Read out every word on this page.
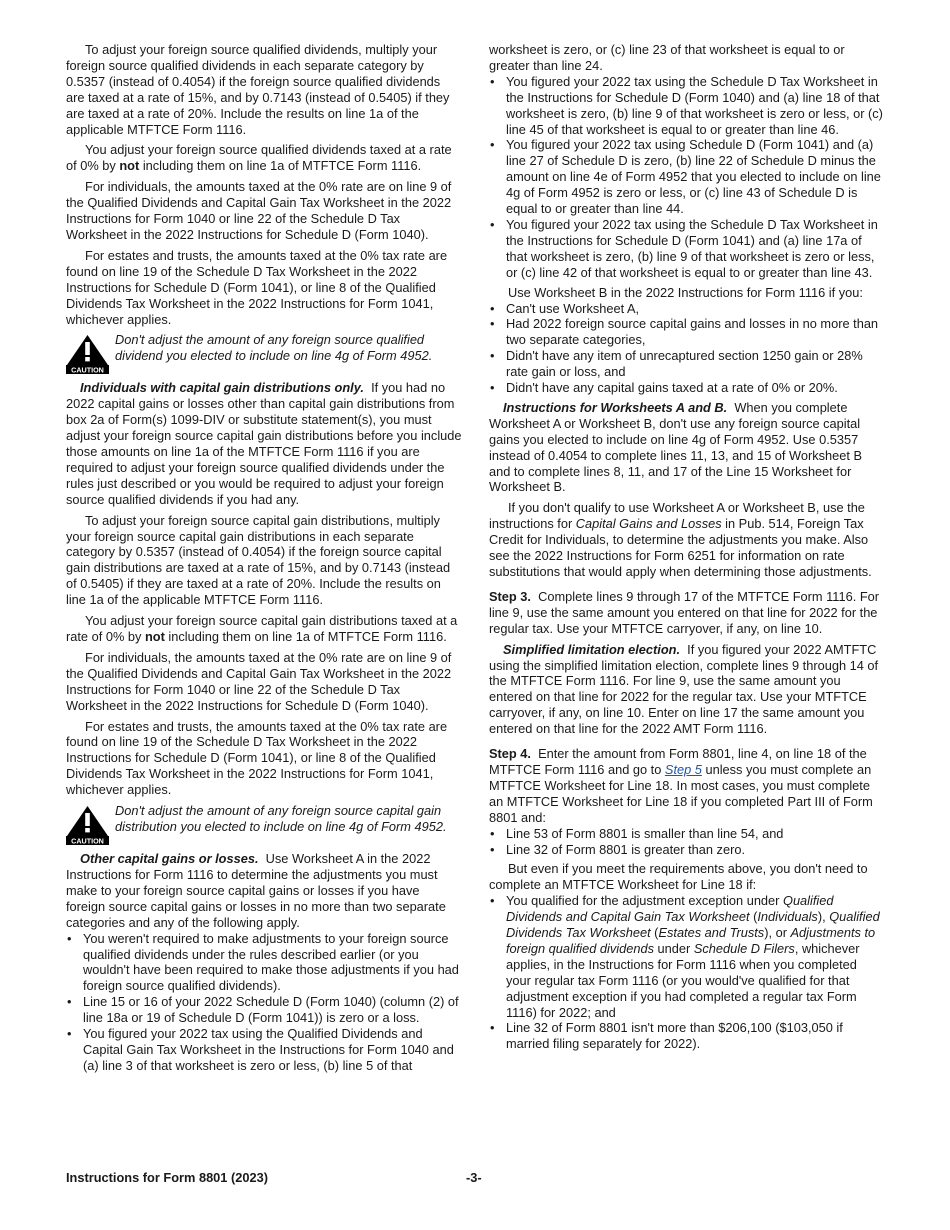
To adjust your foreign source qualified dividends, multiply your foreign source qualified dividends in each separate category by 0.5357 (instead of 0.4054) if the foreign source qualified dividends are taxed at a rate of 15%, and by 0.7143 (instead of 0.5405) if they are taxed at a rate of 20%. Include the results on line 1a of the applicable MTFTCE Form 1116.

You adjust your foreign source qualified dividends taxed at a rate of 0% by not including them on line 1a of MTFTCE Form 1116.

For individuals, the amounts taxed at the 0% rate are on line 9 of the Qualified Dividends and Capital Gain Tax Worksheet in the 2022 Instructions for Form 1040 or line 22 of the Schedule D Tax Worksheet in the 2022 Instructions for Schedule D (Form 1040).

For estates and trusts, the amounts taxed at the 0% tax rate are found on line 19 of the Schedule D Tax Worksheet in the 2022 Instructions for Schedule D (Form 1041), or line 8 of the Qualified Dividends Tax Worksheet in the 2022 Instructions for Form 1041, whichever applies.

CAUTION
Don't adjust the amount of any foreign source qualified dividend you elected to include on line 4g of Form 4952.

Individuals with capital gain distributions only. If you had no 2022 capital gains or losses other than capital gain distributions from box 2a of Form(s) 1099-DIV or substitute statement(s), you must adjust your foreign source capital gain distributions before you include those amounts on line 1a of the MTFTCE Form 1116 if you are required to adjust your foreign source qualified dividends under the rules just described or you would be required to adjust your foreign source qualified dividends if you had any.

To adjust your foreign source capital gain distributions, multiply your foreign source capital gain distributions in each separate category by 0.5357 (instead of 0.4054) if the foreign source capital gain distributions are taxed at a rate of 15%, and by 0.7143 (instead of 0.5405) if they are taxed at a rate of 20%. Include the results on line 1a of the applicable MTFTCE Form 1116.

You adjust your foreign source capital gain distributions taxed at a rate of 0% by not including them on line 1a of MTFTCE Form 1116.

For individuals, the amounts taxed at the 0% rate are on line 9 of the Qualified Dividends and Capital Gain Tax Worksheet in the 2022 Instructions for Form 1040 or line 22 of the Schedule D Tax Worksheet in the 2022 Instructions for Schedule D (Form 1040).

For estates and trusts, the amounts taxed at the 0% tax rate are found on line 19 of the Schedule D Tax Worksheet in the 2022 Instructions for Schedule D (Form 1041), or line 8 of the Qualified Dividends Tax Worksheet in the 2022 Instructions for Form 1041, whichever applies.

CAUTION
Don't adjust the amount of any foreign source capital gain distribution you elected to include on line 4g of Form 4952.

Other capital gains or losses. Use Worksheet A in the 2022 Instructions for Form 1116 to determine the adjustments you must make to your foreign source capital gains or losses if you have foreign source capital gains or losses in no more than two separate categories and any of the following apply.

• You weren't required to make adjustments to your foreign source qualified dividends under the rules described earlier (or you wouldn't have been required to make those adjustments if you had foreign source qualified dividends).
• Line 15 or 16 of your 2022 Schedule D (Form 1040) (column (2) of line 18a or 19 of Schedule D (Form 1041)) is zero or a loss.
• You figured your 2022 tax using the Qualified Dividends and Capital Gain Tax Worksheet in the Instructions for Form 1040 and (a) line 3 of that worksheet is zero or less, (b) line 5 of that

worksheet is zero, or (c) line 23 of that worksheet is equal to or greater than line 24.

• You figured your 2022 tax using the Schedule D Tax Worksheet in the Instructions for Schedule D (Form 1040) and (a) line 18 of that worksheet is zero, (b) line 9 of that worksheet is zero or less, or (c) line 45 of that worksheet is equal to or greater than line 46.
• You figured your 2022 tax using Schedule D (Form 1041) and (a) line 27 of Schedule D is zero, (b) line 22 of Schedule D minus the amount on line 4e of Form 4952 that you elected to include on line 4g of Form 4952 is zero or less, or (c) line 43 of Schedule D is equal to or greater than line 44.
• You figured your 2022 tax using the Schedule D Tax Worksheet in the Instructions for Schedule D (Form 1041) and (a) line 17a of that worksheet is zero, (b) line 9 of that worksheet is zero or less, or (c) line 42 of that worksheet is equal to or greater than line 43.

Use Worksheet B in the 2022 Instructions for Form 1116 if you:

• Can't use Worksheet A,
• Had 2022 foreign source capital gains and losses in no more than two separate categories,
• Didn't have any item of unrecaptured section 1250 gain or 28% rate gain or loss, and
• Didn't have any capital gains taxed at a rate of 0% or 20%.

Instructions for Worksheets A and B. When you complete Worksheet A or Worksheet B, don't use any foreign source capital gains you elected to include on line 4g of Form 4952. Use 0.5357 instead of 0.4054 to complete lines 11, 13, and 15 of Worksheet B and to complete lines 8, 11, and 17 of the Line 15 Worksheet for Worksheet B.

If you don't qualify to use Worksheet A or Worksheet B, use the instructions for Capital Gains and Losses in Pub. 514, Foreign Tax Credit for Individuals, to determine the adjustments you make. Also see the 2022 Instructions for Form 6251 for information on rate substitutions that would apply when determining those adjustments.

Step 3. Complete lines 9 through 17 of the MTFTCE Form 1116. For line 9, use the same amount you entered on that line for 2022 for the regular tax. Use your MTFTCE carryover, if any, on line 10.

Simplified limitation election. If you figured your 2022 AMTFTC using the simplified limitation election, complete lines 9 through 14 of the MTFTCE Form 1116. For line 9, use the same amount you entered on that line for 2022 for the regular tax. Use your MTFTCE carryover, if any, on line 10. Enter on line 17 the same amount you entered on that line for the 2022 AMT Form 1116.

Step 4. Enter the amount from Form 8801, line 4, on line 18 of the MTFTCE Form 1116 and go to Step 5 unless you must complete an MTFTCE Worksheet for Line 18. In most cases, you must complete an MTFTCE Worksheet for Line 18 if you completed Part III of Form 8801 and:

• Line 53 of Form 8801 is smaller than line 54, and
• Line 32 of Form 8801 is greater than zero.

But even if you meet the requirements above, you don't need to complete an MTFTCE Worksheet for Line 18 if:

• You qualified for the adjustment exception under Qualified Dividends and Capital Gain Tax Worksheet (Individuals), Qualified Dividends Tax Worksheet (Estates and Trusts), or Adjustments to foreign qualified dividends under Schedule D Filers, whichever applies, in the Instructions for Form 1116 when you completed your regular tax Form 1116 (or you would've qualified for that adjustment exception if you had completed a regular tax Form 1116) for 2022; and
• Line 32 of Form 8801 isn't more than $206,100 ($103,050 if married filing separately for 2022).
Instructions for Form 8801 (2023)	-3-
